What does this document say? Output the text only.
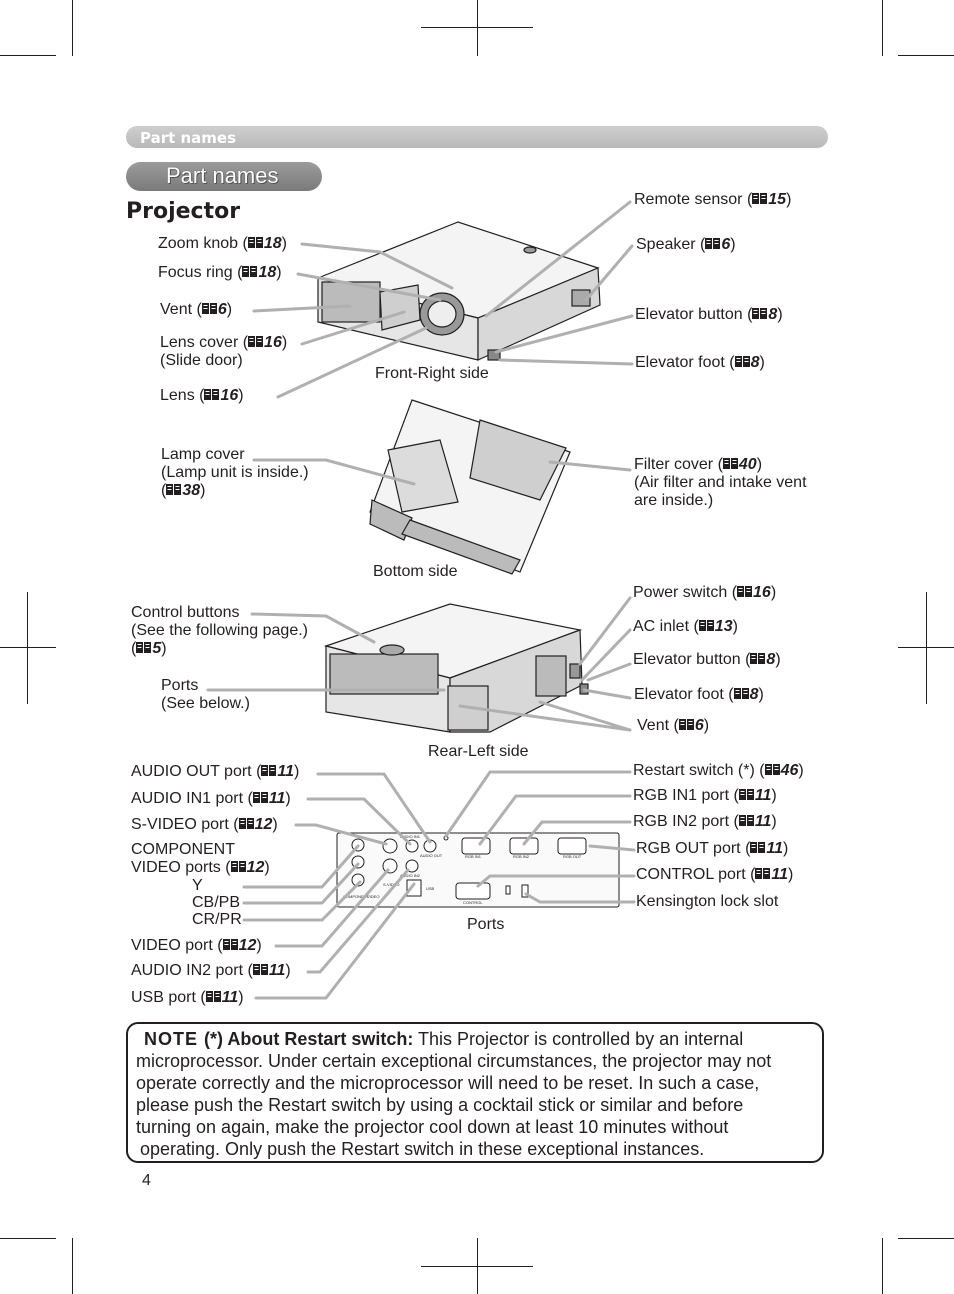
Part names
Part names
Projector
AUDIO IN1
AUDIO OUT
AUDIO IN2
RGB IN1	RGB IN2	RGB OUT
CONTROL
USB
S-VIDEO
COMPONENT
VIDEO
Front-Right side
Bottom side
Rear-Left side
Ports
Zoom knob ( 18)
Focus ring ( 18)
Vent ( 6)
Lens cover ( 16)
(Slide door)
Lens ( 16)
Remote sensor ( 15)
Speaker ( 6)
Elevator button ( 8)
Elevator foot ( 8)
Lamp cover
(Lamp unit is inside.)
( 38)
Filter cover ( 40)
(Air filter and intake vent
are inside.)
Control buttons
(See the following page.)
( 5)
Ports
(See below.)
Power switch ( 16)
AC inlet ( 13)
Elevator button ( 8)
Elevator foot ( 8)
Vent ( 6)
AUDIO OUT port ( 11)
AUDIO IN1 port ( 11)
S-VIDEO port ( 12)
COMPONENT
VIDEO ports ( 12)
Y
CB/PB
CR/PR
VIDEO port ( 12)
AUDIO IN2 port ( 11)
USB port ( 11)
Restart switch (*) ( 46)
RGB IN1 port ( 11)
RGB IN2 port ( 11)
RGB OUT port ( 11)
CONTROL port ( 11)
Kensington lock slot
NOTE (*) About Restart switch: This Projector is controlled by an internal
microprocessor. Under certain exceptional circumstances, the projector may not
operate correctly and the microprocessor will need to be reset. In such a case,
please push the Restart switch by using a cocktail stick or similar and before
turning on again, make the projector cool down at least 10 minutes without
operating. Only push the Restart switch in these exceptional instances.
4
